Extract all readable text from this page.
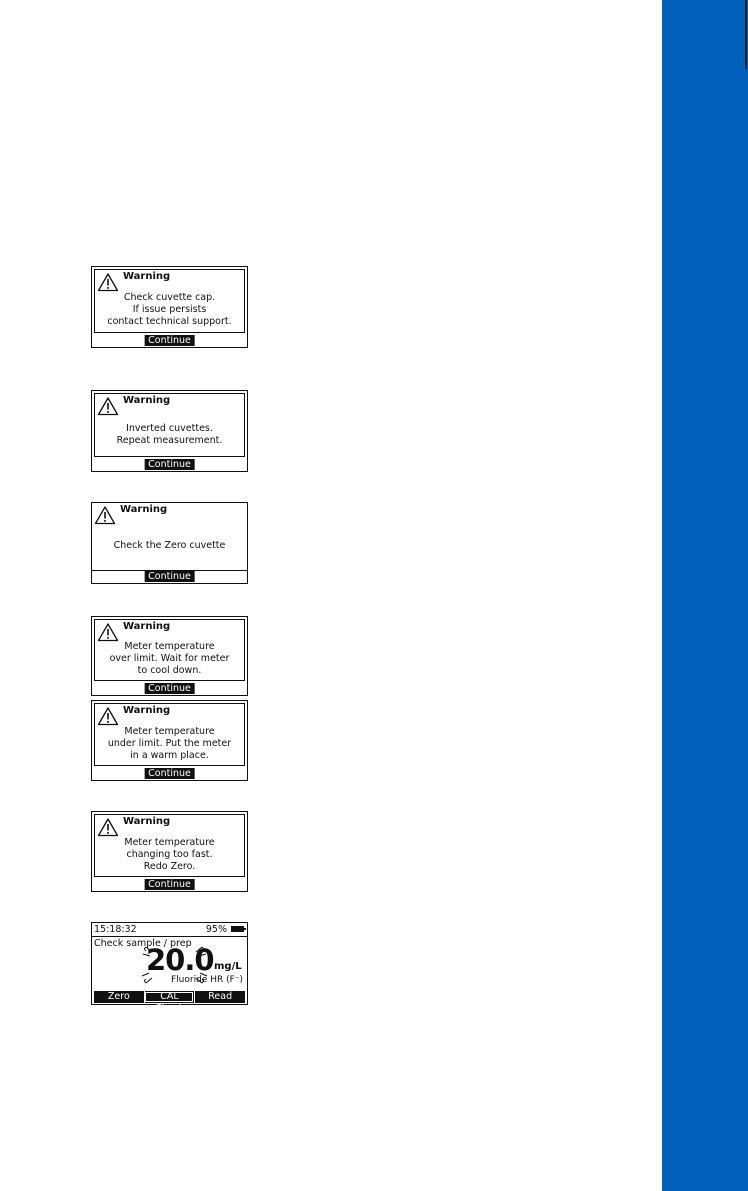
Warning
Check cuvette cap.
If issue persists
contact technical support.
Continue
Warning
Inverted cuvettes.
Repeat measurement.
Continue
Warning
Check the Zero cuvette
Continue
Warning
Meter temperature
over limit. Wait for meter
to cool down.
Continue
Warning
Meter temperature
under limit. Put the meter
in a warm place.
Continue
Warning
Meter temperature
changing too fast.
Redo Zero.
Continue
15:18:32	95%
Check sample / prep
20.0 mg/L
Fluoride HR (F⁻)
Zero	CAL Check
Read
